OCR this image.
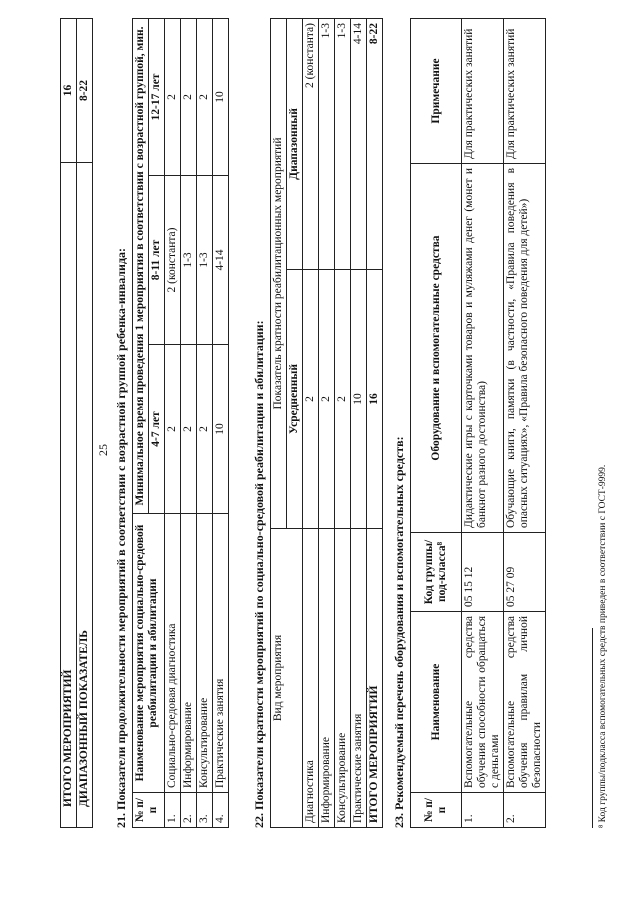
25
ИТОГО МЕРОПРИЯТИЙ	16
ДИАПАЗОННЫЙ ПОКАЗАТЕЛЬ	8-22
21. Показатели продолжительности мероприятий в соответствии с возрастной группой ребенка-инвалида: № п/п	Наименование мероприятия социально-средовой реабилитации и абилитации	Минимальное время проведения 1 мероприятия в соответствии с возрастной группой, мин.		
		4-7 лет	8-11 лет	12-17 лет
1.	Социально-средовая диагностика	2	2 (константа)	2
2.	Информирование	2	1-3	2
3.	Консультирование	2	1-3	2
4.	Практические занятия	10	4-14	10
22. Показатели кратности мероприятий по социально-средовой реабилитации и абилитации: Вид мероприятия	Показатель кратности реабилитационных мероприятий	
	Усредненный	Диапазонный
Диагностика	2	2 (константа)
Информирование	2	1-3
Консультирование	2	1-3
Практические занятия	10	4-14
ИТОГО МЕРОПРИЯТИЙ	16	8-22
23. Рекомендуемый перечень оборудования и вспомогательных средств: № п/п	Наименование	Код группы/под-класса⁸	Оборудование и вспомогательные средства	Примечание
1.	Вспомогательные средства обучения способности обращаться с деньгами	05 15 12	Дидактические игры с карточками товаров и муляжами денег (монет и банкнот разного достоинства)	Для практических занятий
2.	Вспомогательные средства обучения правилам личной безопасности	05 27 09	Обучающие книги, памятки (в частности, «Правила поведения в опасных ситуациях», «Правила безопасного поведения для детей»)	Для практических занятий
⁸ Код группы/подкласса вспомогательных средств приведен в соответствии с ГОСТ-9999.
